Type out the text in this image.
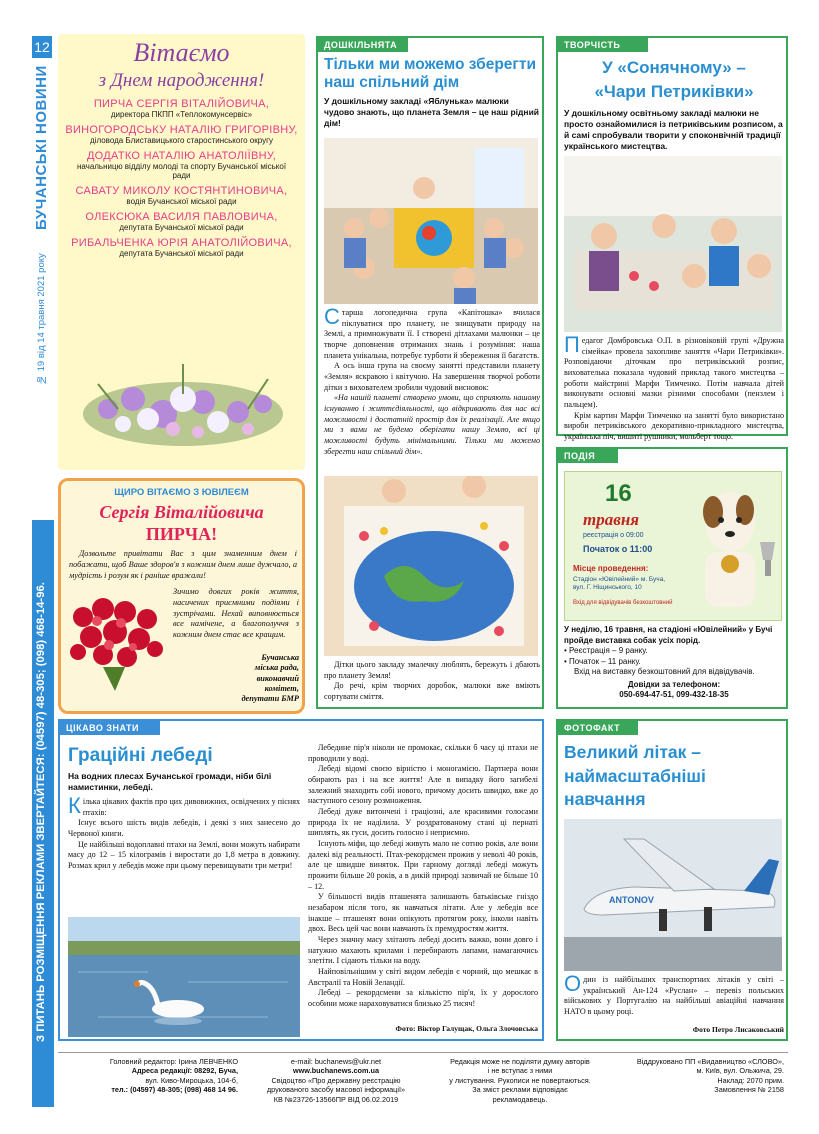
12
БУЧАНСЬКІ НОВИНИ
№ 19 від 14 травня 2021 року
З ПИТАНЬ РОЗМІЩЕННЯ РЕКЛАМИ ЗВЕРТАЙТЕСЯ: (04597) 48-305; (098) 468-14-96.
Вітаємо
з Днем народження!
ПИРЧА СЕРГІЯ ВІТАЛІЙОВИЧА,
директора ПКПП «Теплокомунсервіс»
ВИНОГОРОДСЬКУ НАТАЛІЮ ГРИГОРІВНУ,
діловода Блиставицького старостинського округу
ДОДАТКО НАТАЛІЮ АНАТОЛІЇВНУ,
начальницю відділу молоді та спорту Бучанської міської ради
САВАТУ МИКОЛУ КОСТЯНТИНОВИЧА,
водія Бучанської міської ради
ОЛЕКСЮКА ВАСИЛЯ ПАВЛОВИЧА,
депутата Бучанської міської ради
РИБАЛЬЧЕНКА ЮРІЯ АНАТОЛІЙОВИЧА,
депутата Бучанської міської ради
ЩИРО ВІТАЄМО З ЮВІЛЕЄМ
Сергія Віталійовича
ПИРЧА!
Дозвольте привітати Вас з цим знаменним днем і побажати, щоб Ваше здоров'я з кожним днем лише дужчало, а мудрість і розум як і раніше вражали!
Зичимо довгих років життя, насичених приємними подіями і зустрічами. Нехай виповнюється все намічене, а благополуччя з кожним днем стає все кращим.
Бучанська
міська рада,
виконавчий
комітет,
депутати БМР
ДОШКІЛЬНЯТА
Тільки ми можемо зберегти наш спільний дім
У дошкільному закладі «Яблунька» малюки чудово знають, що планета Земля – це наш рідний дім!

Старша логопедична група «Капітошка» вчилася піклуватися про планету, не знищувати природу на Землі, а примножувати її. І створені дітлахами малюнки – це творче доповнення отриманих знань і розуміння: наша планета унікальна, потребує турботи й збереження її багатств.

А ось інша група на своєму занятті представили планету «Земля» яскравою і квітучою. На завершення творчої роботи дітки з вихователем зробили чудовий висновок:

«На нашій планеті створено умови, що сприяють нашому існуванню і життєдіяльності, що відкривають для нас всі можливості і достатній простір для їх реалізації. Але якщо ми з вами не будемо оберігати нашу Землю, всі ці можливості будуть мінімальними. Тільки ми можемо зберегти наш спільний дім».

Дітки цього закладу змалечку люблять, бережуть і дбають про планету Земля!

До речі, крім творчих доробок, малюки вже вміють сортувати сміття.

ТВОРЧІСТЬ
У «Сонячному» –
«Чари Петриківки»
У дошкільному освітньому закладі малюки не просто ознайомилися із петриківським розписом, а й самі спробували творити у споконвічній традиції українського мистецтва.

Педагог Домбровська О.П. в різновіковій групі «Дружна сімейка» провела захопливе заняття «Чари Петриківки». Розповідаючи діточкам про петриківський розпис, вихователька показала чудовий приклад такого мистецтва – роботи майстрині Марфи Тимченко. Потім навчала дітей виконувати основні мазки різними способами (пензлем і пальцем).

Крім картин Марфи Тимченко на занятті було використано вироби петриківського декоративно-прикладного мистецтва, українська піч, вишиті рушники, мольберт тощо.

ПОДІЯ
16
травня
реєстрація о 09:00
Початок о 11:00
Місце проведення:
Стадіон «Ювілейний» м. Буча, вул. Г. Ніщинського, 10
Вхід для відвідувачів безкоштовний
У неділю, 16 травня, на стадіоні «Ювілейний» у Бучі пройде виставка собак усіх порід.
• Реєстрація – 9 ранку.
• Початок – 11 ранку.
Вхід на виставку безкоштовний для відвідувачів.
Довідки за телефоном:
050-694-47-51, 099-432-18-35
ЦІКАВО ЗНАТИ
Граційні лебеді
На водних плесах Бучанської громади, ніби білі намистинки, лебеді.

Кілька цікавих фактів про цих дивовижних, освідчених у піснях птахів:

Існує всього шість видів лебедів, і деякі з них занесено до Червоної книги.

Це найбільші водоплавні птахи на Землі, вони можуть набирати масу до 12 – 15 кілограмів і виростати до 1,8 метра в довжину. Розмах крил у лебедів може при цьому перевищувати три метри!

Лебедине пір'я ніколи не промокає, скільки б часу ці птахи не проводили у воді.

Лебеді відомі своєю вірністю і моногамією. Партнера вони обирають раз і на все життя! Але в випадку його загибелі залежний знаходить собі нового, причому досить швидко, вже до наступного сезону розмноження.

Лебеді дуже витончені і граціозні, але красивими голосами природа їх не наділила. У роздратованому стані ці пернаті шиплять, як гуси, досить голосно і неприємно.

Існують міфи, що лебеді живуть мало не сотню років, але вони далекі від реальності. Птах-рекордсмен прожив у неволі 40 років, але це швидше виняток. При гарному догляді лебеді можуть прожити більше 20 років, а в дикій природі зазвичай не більше 10 – 12.

У більшості видів пташенята залишають батьківське гніздо незабаром після того, як навчаться літати. Але у лебедів все інакше – пташенят вони опікують протягом року, інколи навіть двох. Весь цей час вони навчають їх премудростям життя.

Через значну масу злітають лебеді досить важко, вони довго і натужно махають крилами і перебирають лапами, намагаючись злетіти. І сідають тільки на воду.

Найповільнішим у світі видом лебедів є чорний, що мешкає в Австралії та Новій Зеландії.

Лебеді – рекордсмени за кількістю пір'я, їх у дорослого особини може нараховуватися близько 25 тисяч!

Фото: Віктор Галущак, Ольга Злочовська
ФОТОФАКТ
Великий літак – наймасштабніші навчання
ANTONOV

Один із найбільших транспортних літаків у світі – український Ан-124 «Руслан» – перевіз польських військових у Португалію на найбільші авіаційні навчання НАТО в цьому році.

Фото Петро Лисаковський
Головний редактор: Ірина ЛЕВЧЕНКО
Адреса редакції: 08292, Буча,
вул. Киво-Мироцька, 104-б,
тел.: (04597) 48-305; (098) 468 14 96.
e-mail: buchanews@ukr.net
www.buchanews.com.ua
Свідоцтво «Про державну реєстрацію
друкованого засобу масової інформації»
КВ №23726-13566ПР ВІД 06.02.2019
Редакція може не поділяти думку авторів
і не вступає з ними
у листування. Рукописи не повертаються.
За зміст реклами відповідає
рекламодавець.
Віддруковано ПП «Видавництво «СЛОВО»,
м. Київ, вул. Ольжича, 29.
Наклад: 2070 прим.
Замовлення № 2158
